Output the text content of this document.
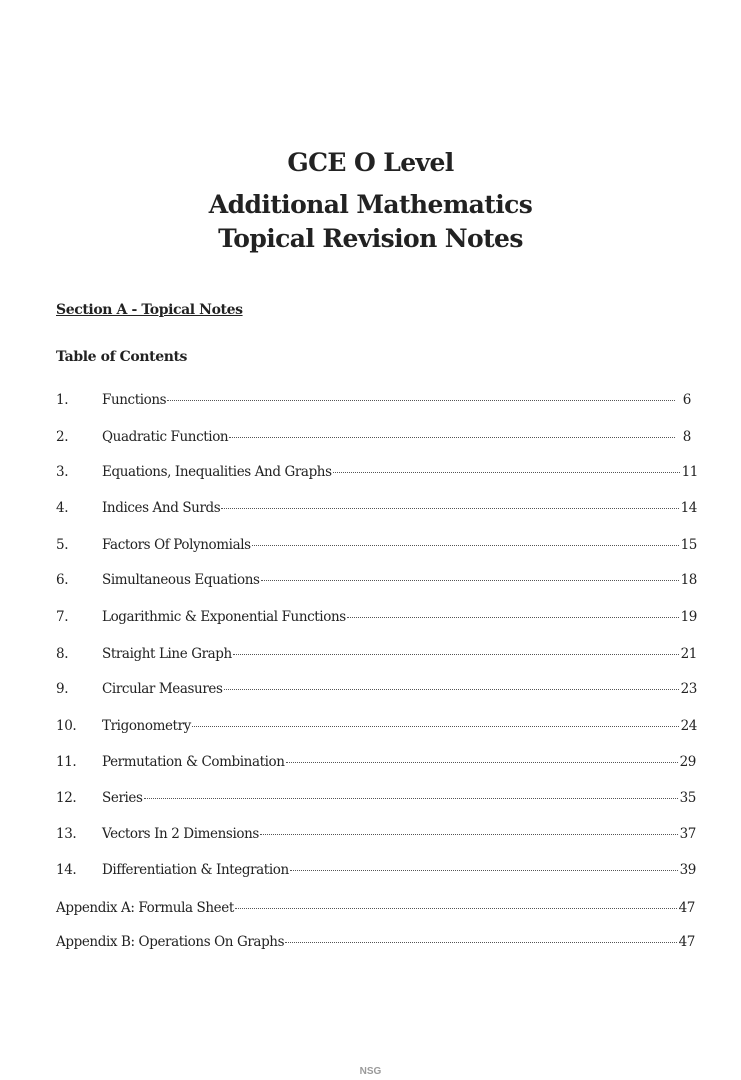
GCE O Level
Additional Mathematics
Topical Revision Notes
Section A - Topical Notes
Table of Contents
1.	Functions	6
2.	Quadratic Function	8
3.	Equations, Inequalities And Graphs	11
4.	Indices And Surds	14
5.	Factors Of Polynomials	15
6.	Simultaneous Equations	18
7.	Logarithmic & Exponential Functions	19
8.	Straight Line Graph	21
9.	Circular Measures	23
10.	Trigonometry	24
11.	Permutation & Combination	29
12.	Series	35
13.	Vectors In 2 Dimensions	37
14.	Differentiation & Integration	39
Appendix A: Formula Sheet	47
Appendix B: Operations On Graphs	47
NSG
